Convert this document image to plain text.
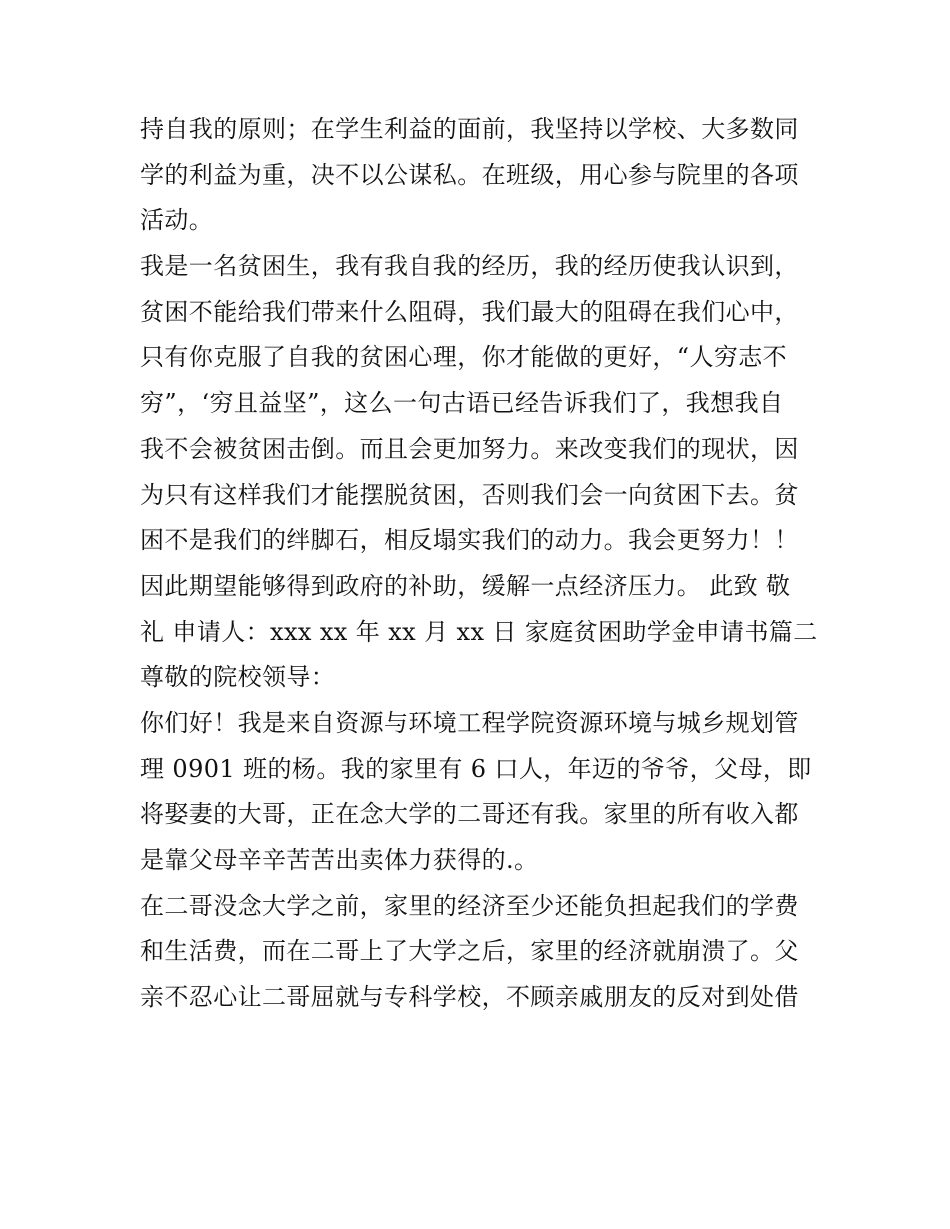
持自我的原则；在学生利益的面前，我坚持以学校、大多数同
学的利益为重，决不以公谋私。在班级，用心参与院里的各项
活动。
我是一名贫困生，我有我自我的经历，我的经历使我认识到，
贫困不能给我们带来什么阻碍，我们最大的阻碍在我们心中，
只有你克服了自我的贫困心理，你才能做的更好，“人穷志不
穷”，‘穷且益坚”，这么一句古语已经告诉我们了，我想我自
我不会被贫困击倒。而且会更加努力。来改变我们的现状，因
为只有这样我们才能摆脱贫困，否则我们会一向贫困下去。贫
困不是我们的绊脚石，相反塌实我们的动力。我会更努力！！
因此期望能够得到政府的补助，缓解一点经济压力。 此致 敬
礼 申请人：xxx xx 年 xx 月 xx 日 家庭贫困助学金申请书篇二
尊敬的院校领导：
你们好！我是来自资源与环境工程学院资源环境与城乡规划管
理 0901 班的杨。我的家里有 6 口人，年迈的爷爷，父母，即
将娶妻的大哥，正在念大学的二哥还有我。家里的所有收入都
是靠父母辛辛苦苦出卖体力获得的.。
在二哥没念大学之前，家里的经济至少还能负担起我们的学费
和生活费，而在二哥上了大学之后，家里的经济就崩溃了。父
亲不忍心让二哥屈就与专科学校，不顾亲戚朋友的反对到处借
